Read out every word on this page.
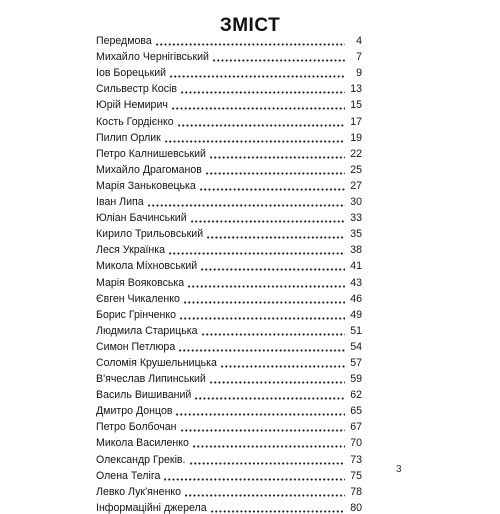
ЗМІСТ
Передмова	4
Михайло Чернігівський	7
Іов Борецький	9
Сильвестр Косів	13
Юрій Немирич	15
Кость Гордієнко	17
Пилип Орлик	19
Петро Калнишевський	22
Михайло Драгоманов	25
Марія Заньковецька	27
Іван Липа	30
Юліан Бачинський	33
Кирило Трильовський	35
Леся Українка	38
Микола Міхновський	41
Марія Вояковська	43
Євген Чикаленко	46
Борис Грінченко	49
Людмила Старицька	51
Симон Петлюра	54
Соломія Крушельницька	57
В'ячеслав Липинський	59
Василь Вишиваний	62
Дмитро Донцов	65
Петро Болбочан	67
Микола Василенко	70
Олександр Греків.	73
Олена Теліга	75
Левко Лук'яненко	78
Інформаційні джерела	80
3
